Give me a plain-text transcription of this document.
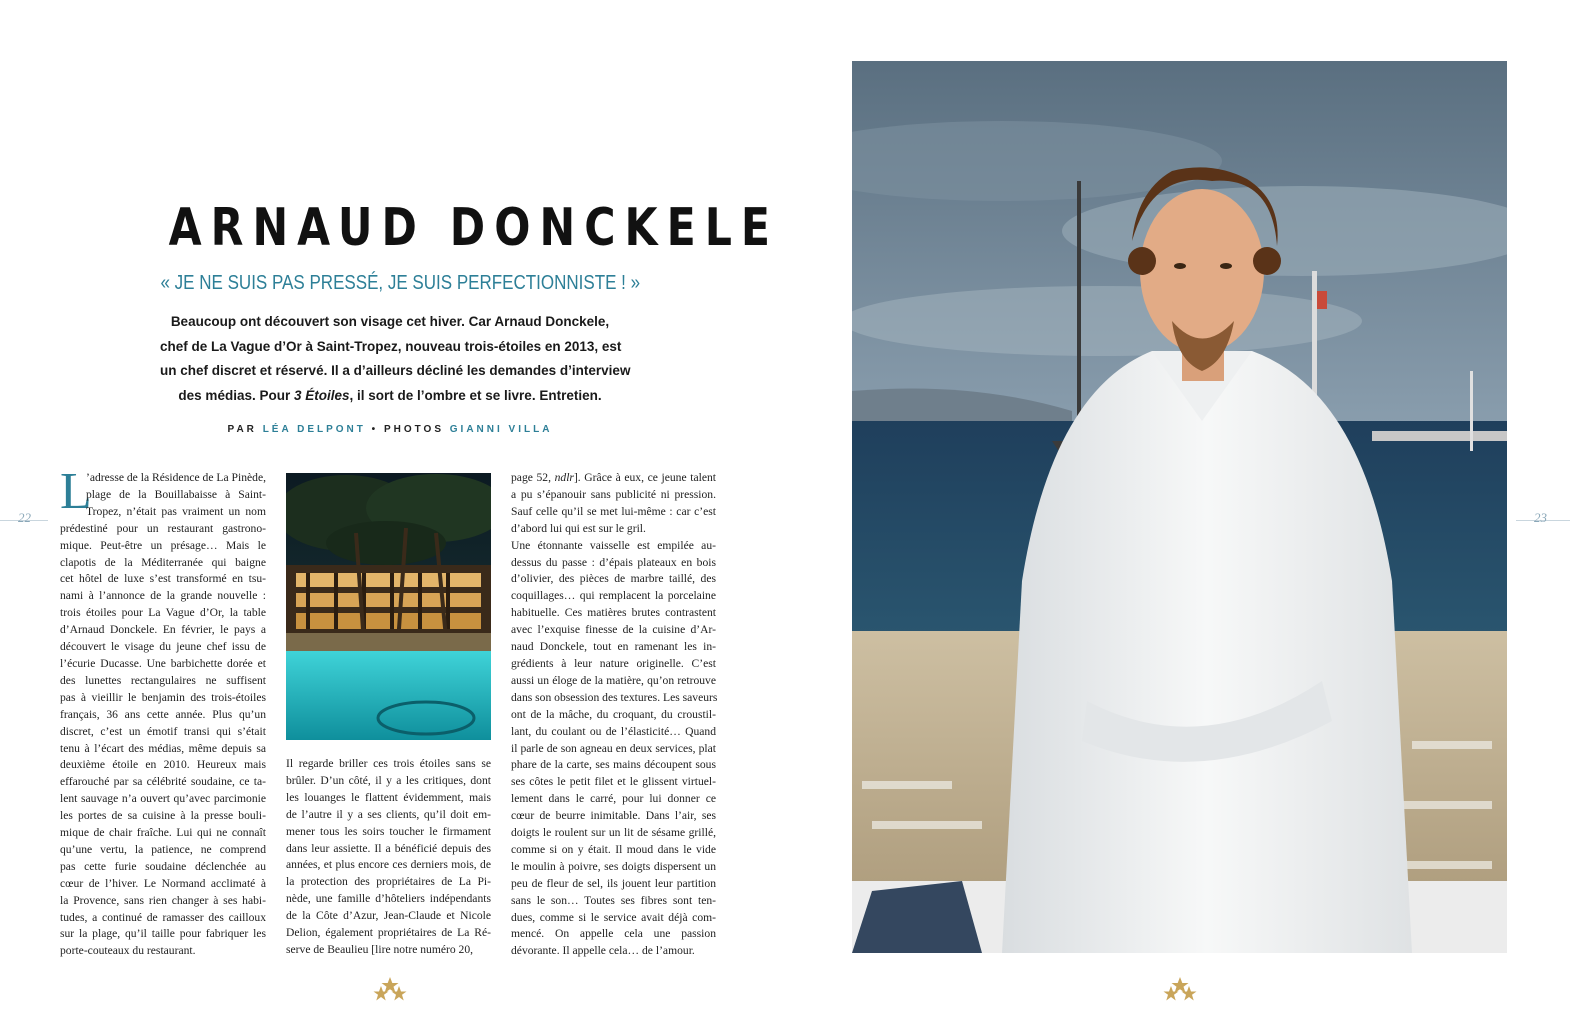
22	23
ARNAUD DONCKELE
« JE NE SUIS PAS PRESSÉ, JE SUIS PERFECTIONNISTE ! »

Beaucoup ont découvert son visage cet hiver. Car Arnaud Donckele,

chef de La Vague d’Or à Saint-Tropez, nouveau trois-étoiles en 2013, est

un chef discret et réservé. Il a d’ailleurs décliné les demandes d’interview

des médias. Pour 3 Étoiles, il sort de l’ombre et se livre. Entretien.

PAR LÉA DELPONT • PHOTOS GIANNI VILLA
L

’adresse de la Résidence de La Pinède,

plage de la Bouillabaisse à Saint-

Tropez, n’était pas vraiment un nom

prédestiné pour un restaurant gastrono-

mique. Peut-être un présage… Mais le

clapotis de la Méditerranée qui baigne

cet hôtel de luxe s’est transformé en tsu-

nami à l’annonce de la grande nouvelle :

trois étoiles pour La Vague d’Or, la table

d’Arnaud Donckele. En février, le pays a

découvert le visage du jeune chef issu de

l’écurie Ducasse. Une barbichette dorée et

des lunettes rectangulaires ne suffisent

pas à vieillir le benjamin des trois-étoiles

français, 36 ans cette année. Plus qu’un

discret, c’est un émotif transi qui s’était

tenu à l’écart des médias, même depuis sa

deuxième étoile en 2010. Heureux mais

effarouché par sa célébrité soudaine, ce ta-

lent sauvage n’a ouvert qu’avec parcimonie

les portes de sa cuisine à la presse bouli-

mique de chair fraîche. Lui qui ne connaît

qu’une vertu, la patience, ne comprend

pas cette furie soudaine déclenchée au

cœur de l’hiver. Le Normand acclimaté à

la Provence, sans rien changer à ses habi-

tudes, a continué de ramasser des cailloux

sur la plage, qu’il taille pour fabriquer les

porte-couteaux du restaurant.

Il regarde briller ces trois étoiles sans se

brûler. D’un côté, il y a les critiques, dont

les louanges le flattent évidemment, mais

de l’autre il y a ses clients, qu’il doit em-

mener tous les soirs toucher le firmament

dans leur assiette. Il a bénéficié depuis des

années, et plus encore ces derniers mois, de

la protection des propriétaires de La Pi-

nède, une famille d’hôteliers indépendants

de la Côte d’Azur, Jean-Claude et Nicole

Delion, également propriétaires de La Ré-

serve de Beaulieu [lire notre numéro 20,

page 52, ndlr]. Grâce à eux, ce jeune talent

a pu s’épanouir sans publicité ni pression.

Sauf celle qu’il se met lui-même : car c’est

d’abord lui qui est sur le gril.

Une étonnante vaisselle est empilée au-

dessus du passe : d’épais plateaux en bois

d’olivier, des pièces de marbre taillé, des

coquillages… qui remplacent la porcelaine

habituelle. Ces matières brutes contrastent

avec l’exquise finesse de la cuisine d’Ar-

naud Donckele, tout en ramenant les in-

grédients à leur nature originelle. C’est

aussi un éloge de la matière, qu’on retrouve

dans son obsession des textures. Les saveurs

ont de la mâche, du croquant, du croustil-

lant, du coulant ou de l’élasticité… Quand

il parle de son agneau en deux services, plat

phare de la carte, ses mains découpent sous

ses côtes le petit filet et le glissent virtuel-

lement dans le carré, pour lui donner ce

cœur de beurre inimitable. Dans l’air, ses

doigts le roulent sur un lit de sésame grillé,

comme si on y était. Il moud dans le vide

le moulin à poivre, ses doigts dispersent un

peu de fleur de sel, ils jouent leur partition

sans le son… Toutes ses fibres sont ten-

dues, comme si le service avait déjà com-

mencé. On appelle cela une passion

dévorante. Il appelle cela… de l’amour.
